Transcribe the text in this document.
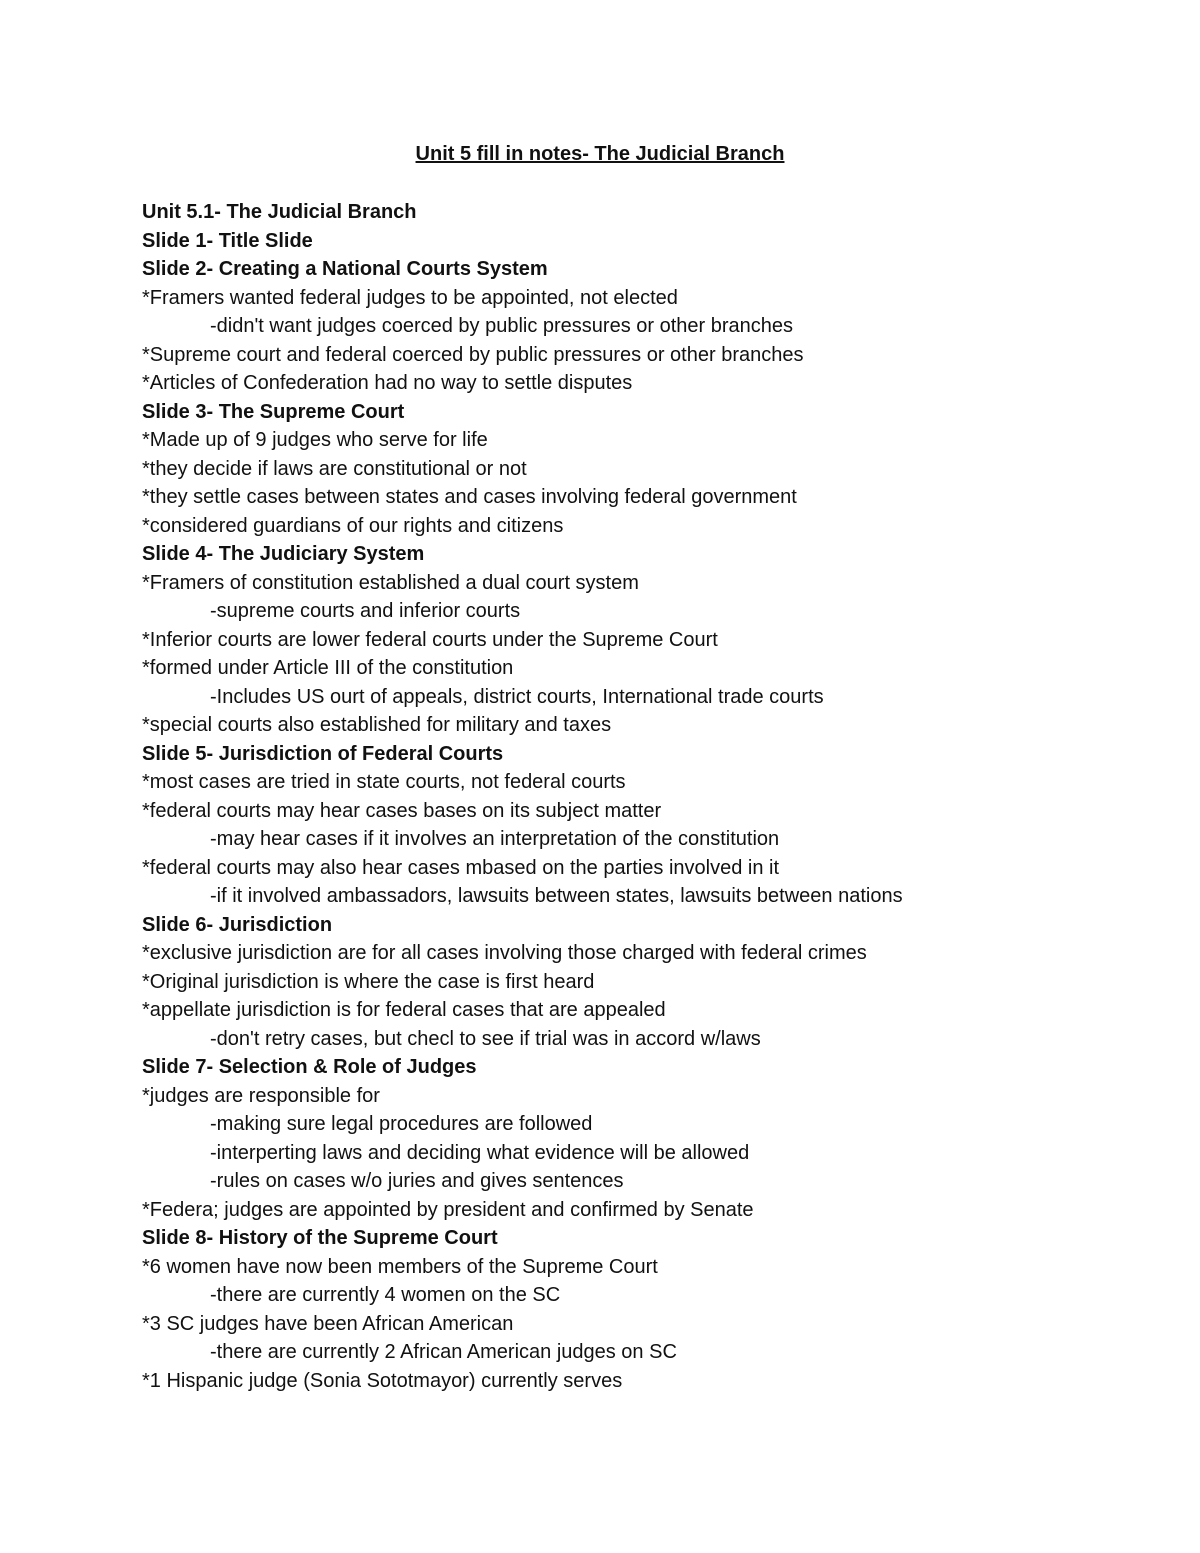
Unit 5 fill in notes- The Judicial Branch
Unit 5.1- The Judicial Branch
Slide 1- Title Slide
Slide 2- Creating a National Courts System
*Framers wanted federal judges to be appointed, not elected
-didn't want judges coerced by public pressures or other branches
*Supreme court and federal coerced by public pressures or other branches
*Articles of Confederation had no way to settle disputes
Slide 3- The Supreme Court
*Made up of 9 judges who serve for life
*they decide if laws are constitutional or not
*they settle cases between states and cases involving federal government
*considered guardians of our rights and citizens
Slide 4- The Judiciary System
*Framers of constitution established a dual court system
-supreme courts and inferior courts
*Inferior courts are lower federal courts under the Supreme Court
*formed under Article III of the constitution
-Includes US ourt of appeals, district courts, International trade courts
*special courts also established for military and taxes
Slide 5- Jurisdiction of Federal Courts
*most cases are tried in state courts, not federal courts
*federal courts may hear cases bases on its subject matter
-may hear cases if it involves an interpretation of the constitution
*federal courts may also hear cases mbased on the parties involved in it
-if it involved ambassadors, lawsuits between states, lawsuits between nations
Slide 6- Jurisdiction
*exclusive jurisdiction are for all cases involving those charged with federal crimes
*Original jurisdiction is where the case is first heard
*appellate jurisdiction is for federal cases that are appealed
-don't retry cases, but checl to see if trial was in accord w/laws
Slide 7- Selection & Role of Judges
*judges are responsible for
-making sure legal procedures are followed
-interperting laws and deciding what evidence will be allowed
-rules on cases w/o juries and gives sentences
*Federa; judges are appointed by president and confirmed by Senate
Slide 8- History of the Supreme Court
*6 women have now been members of the Supreme Court
-there are currently 4 women on the SC
*3 SC judges have been African American
-there are currently 2 African American judges on SC
*1 Hispanic judge (Sonia Sototmayor) currently serves
